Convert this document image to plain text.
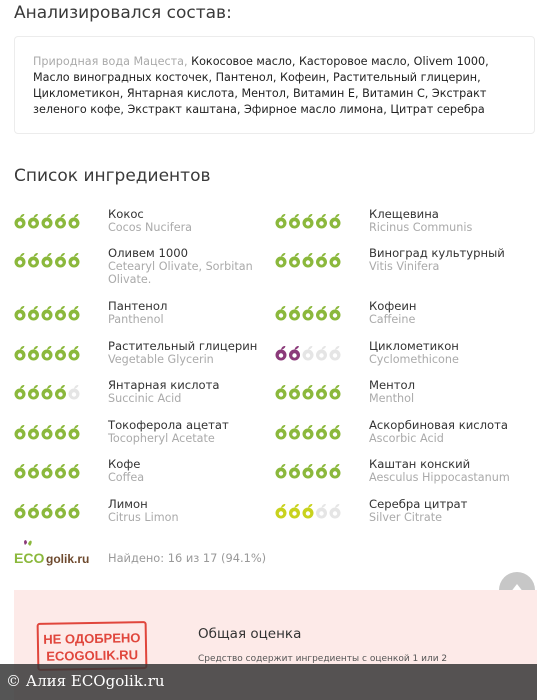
Анализировался состав:
Природная вода Мацеста, Кокосовое масло, Касторовое масло, Olivem 1000,
Масло виноградных косточек, Пантенол, Кофеин, Растительный глицерин,
Циклометикон, Янтарная кислота, Ментол, Витамин Е, Витамин С, Экстракт
зеленого кофе, Экстракт каштана, Эфирное масло лимона, Цитрат серебра
Список ингредиентов
Кокос
Cocos Nucifera
Клещевина
Ricinus Communis
Оливем 1000
Cetearyl Olivate, Sorbitan Olivate.
Виноград культурный
Vitis Vinifera
Пантенол
Panthenol
Кофеин
Caffeine
Растительный глицерин
Vegetable Glycerin
Циклометикон
Cyclomethicone
Янтарная кислота
Succinic Acid
Ментол
Menthol
Токоферола ацетат
Tocopheryl Acetate
Аскорбиновая кислота
Ascorbic Acid
Кофе
Coffea
Каштан конский
Aesculus Hippocastanum
Лимон
Citrus Limon
Серебра цитрат
Silver Citrate
ECO golik.ru Найдено: 16 из 17 (94.1%)
НЕ ОДОБРЕНО
ECOGOLIK.RU
Общая оценка
Средство содержит ингредиенты с оценкой 1 или 2
© Алия ECOgolik.ru
